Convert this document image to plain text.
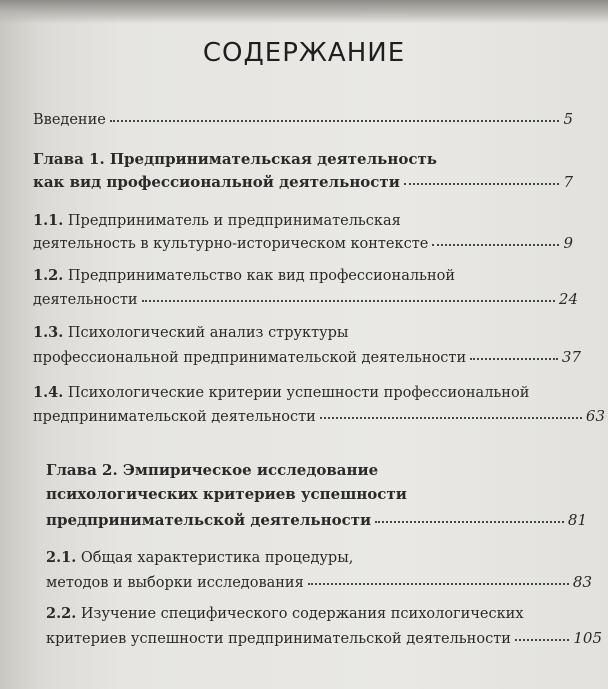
СОДЕРЖАНИЕ
Введение	5
Глава 1. Предпринимательская деятельность
как вид профессиональной деятельности	7
1.1. Предприниматель и предпринимательская
деятельность в культурно-историческом контексте	9
1.2. Предпринимательство как вид профессиональной
деятельности	24
1.3. Психологический анализ структуры
профессиональной предпринимательской деятельности	37
1.4. Психологические критерии успешности профессиональной
предпринимательской деятельности	63
Глава 2. Эмпирическое исследование
психологических критериев успешности
предпринимательской деятельности	81
2.1. Общая характеристика процедуры,
методов и выборки исследования	83
2.2. Изучение специфического содержания психологических
критериев успешности предпринимательской деятельности	105
